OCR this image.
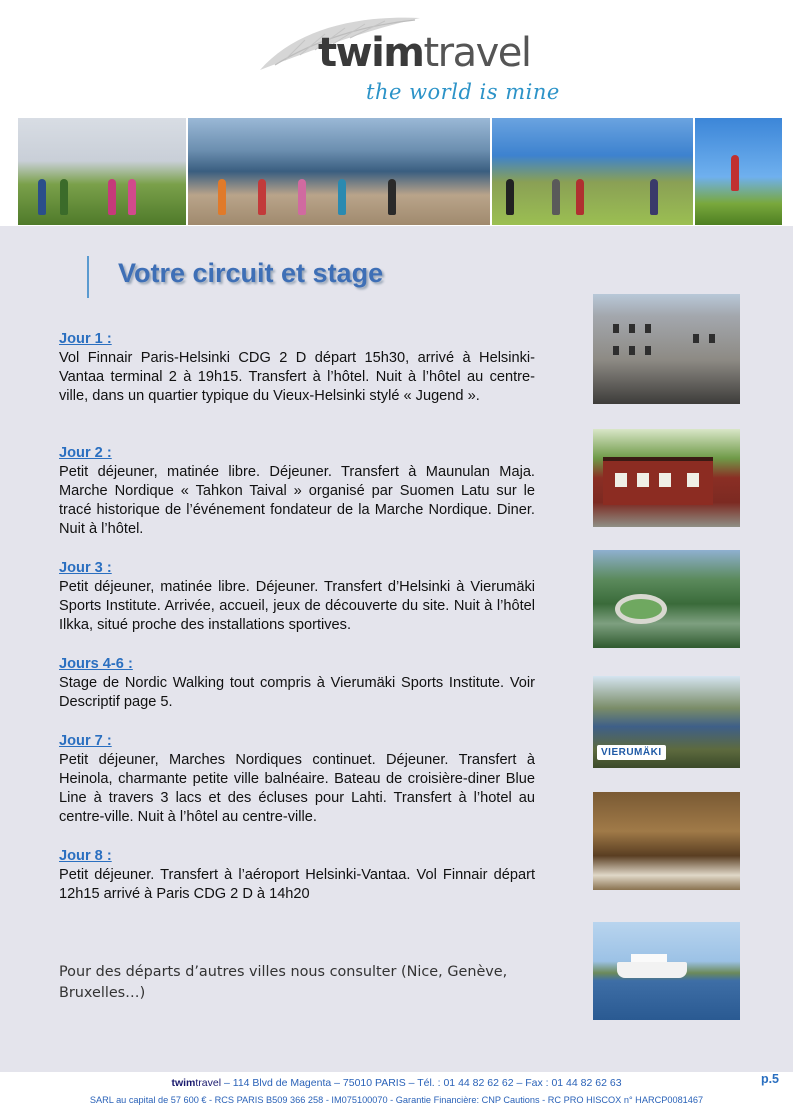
twimtravel
the world is mine
Votre circuit et stage
Jour 1 :
Vol Finnair Paris-Helsinki CDG 2 D départ 15h30, arrivé à Helsinki-Vantaa terminal 2 à 19h15. Transfert à l’hôtel. Nuit à l’hôtel au centre-ville, dans un quartier typique du Vieux-Helsinki stylé « Jugend ».
Jour 2 :
Petit déjeuner, matinée libre. Déjeuner. Transfert à Maunulan Maja. Marche Nordique « Tahkon Taival » organisé par Suomen Latu sur le tracé historique de l’événement fondateur de la Marche Nordique. Diner. Nuit à l’hôtel.
Jour 3 :
Petit déjeuner, matinée libre. Déjeuner. Transfert d’Helsinki à Vierumäki Sports Institute. Arrivée, accueil, jeux de découverte du site. Nuit à l’hôtel Ilkka, situé proche des installations sportives.
Jours 4-6 :
Stage de Nordic Walking tout compris à Vierumäki Sports Institute. Voir Descriptif page 5.
Jour 7 :
Petit déjeuner, Marches Nordiques continuet. Déjeuner. Transfert à Heinola, charmante petite ville balnéaire. Bateau de croisière-diner Blue Line à travers 3 lacs et des écluses pour Lahti. Transfert à l’hotel au centre-ville. Nuit à l’hôtel au centre-ville.
Jour 8 :
Petit déjeuner. Transfert à l’aéroport Helsinki-Vantaa. Vol Finnair départ 12h15 arrivé à Paris CDG 2 D à 14h20
Pour des départs d’autres villes nous consulter (Nice, Genève, Bruxelles…)
VIERUMÄKI
p.5
twimtravel – 114 Blvd de Magenta – 75010 PARIS – Tél. : 01 44 82 62 62 – Fax : 01 44 82 62 63
SARL au capital de 57 600 € - RCS PARIS B509 366 258 - IM075100070 - Garantie Financière: CNP Cautions - RC PRO HISCOX n° HARCP0081467
